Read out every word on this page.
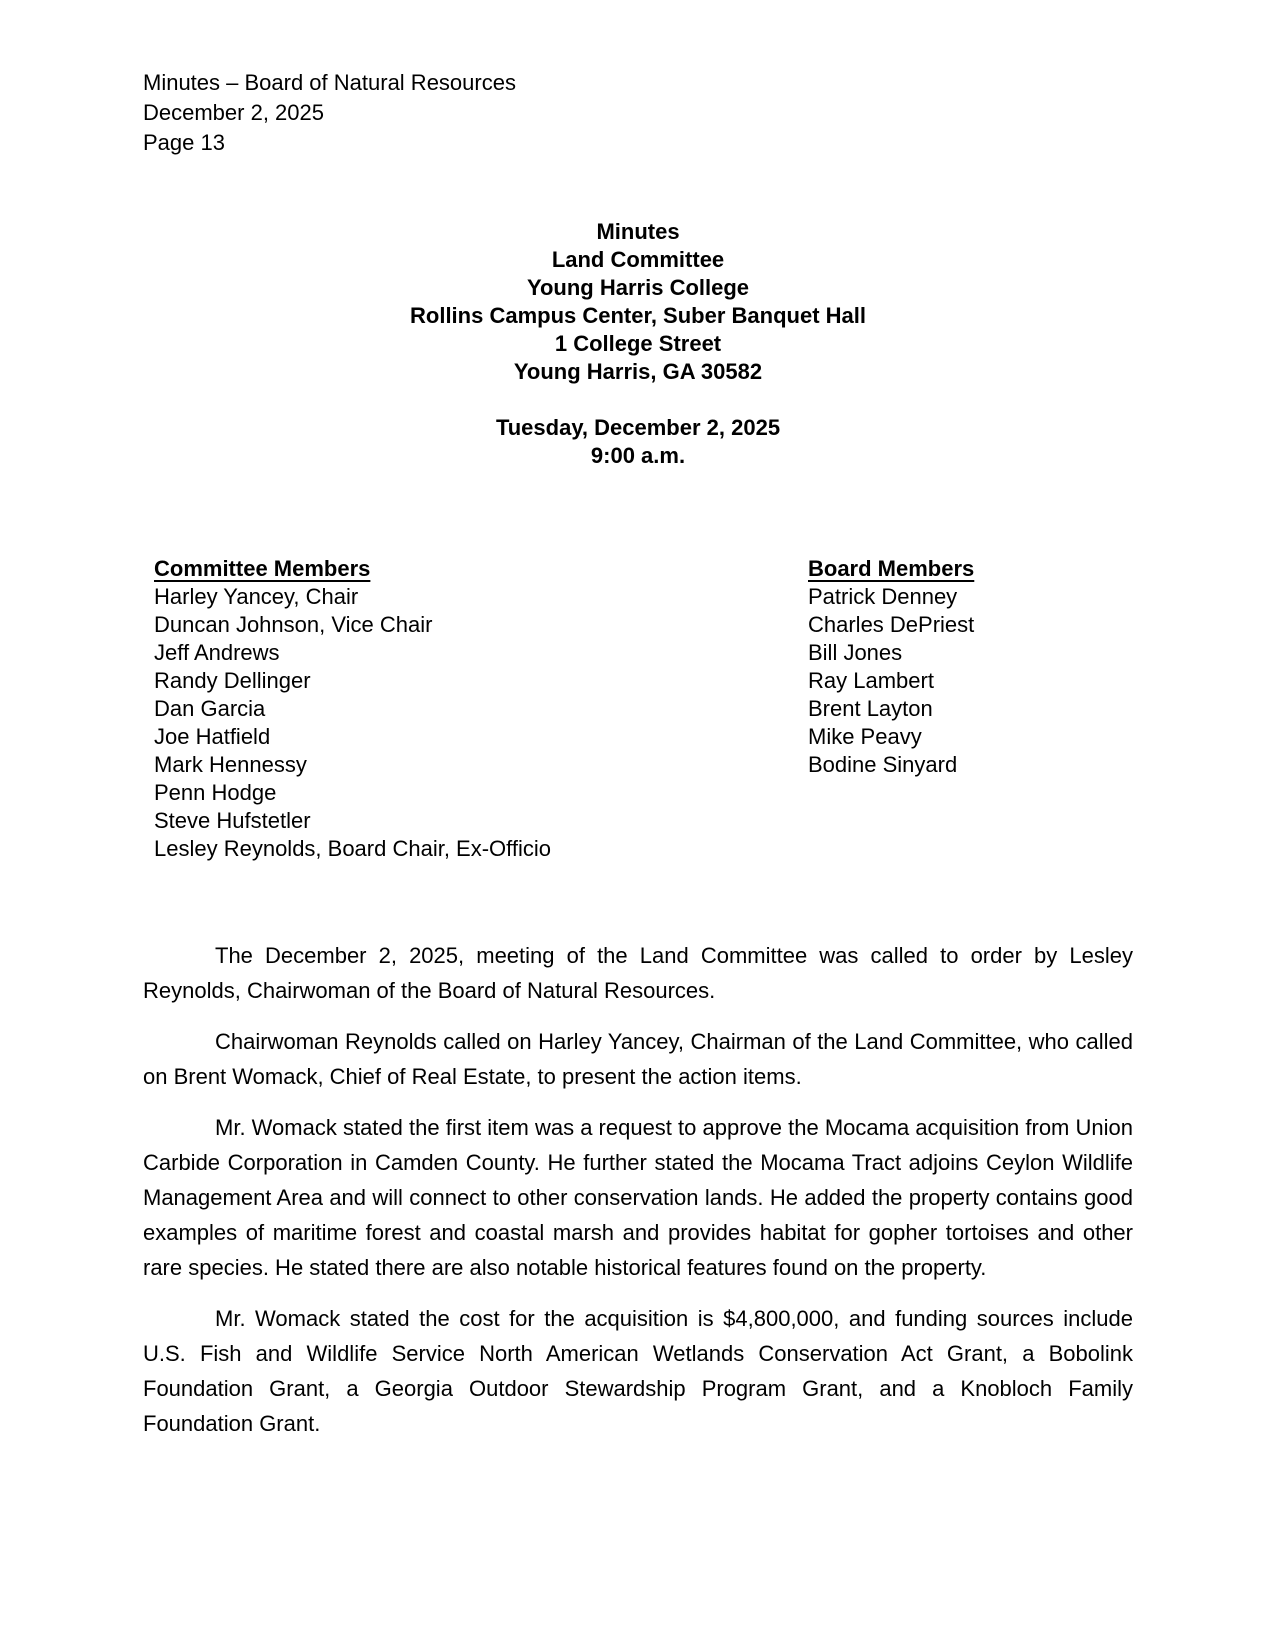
Minutes – Board of Natural Resources
December 2, 2025
Page 13
Minutes
Land Committee
Young Harris College
Rollins Campus Center, Suber Banquet Hall
1 College Street
Young Harris, GA 30582
Tuesday, December 2, 2025
9:00 a.m.
Committee Members
Harley Yancey, Chair
Duncan Johnson, Vice Chair
Jeff Andrews
Randy Dellinger
Dan Garcia
Joe Hatfield
Mark Hennessy
Penn Hodge
Steve Hufstetler
Lesley Reynolds, Board Chair, Ex-Officio
Board Members
Patrick Denney
Charles DePriest
Bill Jones
Ray Lambert
Brent Layton
Mike Peavy
Bodine Sinyard

The December 2, 2025, meeting of the Land Committee was called to order by Lesley Reynolds, Chairwoman of the Board of Natural Resources.

Chairwoman Reynolds called on Harley Yancey, Chairman of the Land Committee, who called on Brent Womack, Chief of Real Estate, to present the action items.

Mr. Womack stated the first item was a request to approve the Mocama acquisition from Union Carbide Corporation in Camden County. He further stated the Mocama Tract adjoins Ceylon Wildlife Management Area and will connect to other conservation lands. He added the property contains good examples of maritime forest and coastal marsh and provides habitat for gopher tortoises and other rare species. He stated there are also notable historical features found on the property.

Mr. Womack stated the cost for the acquisition is $4,800,000, and funding sources include U.S. Fish and Wildlife Service North American Wetlands Conservation Act Grant, a Bobolink Foundation Grant, a Georgia Outdoor Stewardship Program Grant, and a Knobloch Family Foundation Grant.
